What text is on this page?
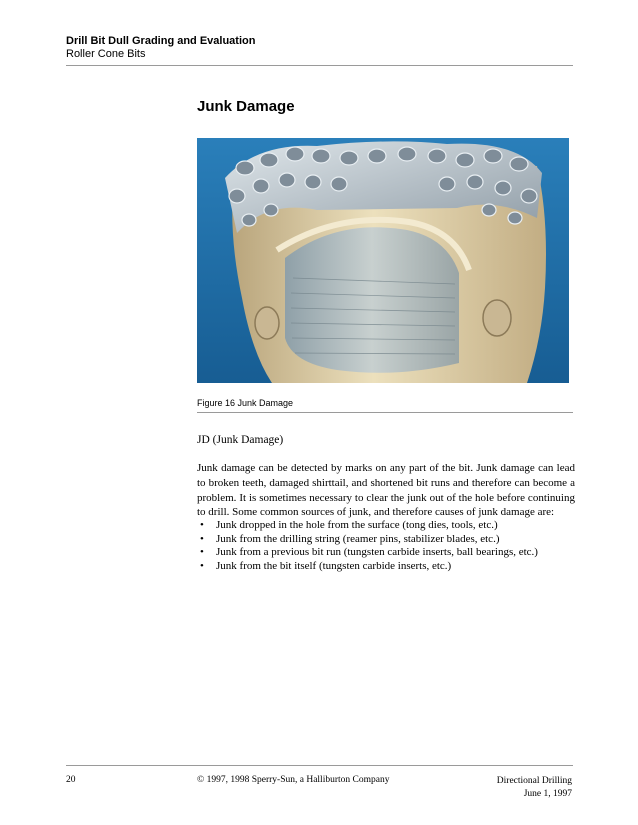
Drill Bit Dull Grading and Evaluation
Roller Cone Bits
Junk Damage
Figure 16 Junk Damage
JD (Junk Damage)

Junk damage can be detected by marks on any part of the bit. Junk damage can lead to broken teeth, damaged shirttail, and shortened bit runs and therefore can become a problem. It is sometimes necessary to clear the junk out of the hole before continuing to drill. Some common sources of junk, and therefore causes of junk damage are:

• Junk dropped in the hole from the surface (tong dies, tools, etc.)
• Junk from the drilling string (reamer pins, stabilizer blades, etc.)
• Junk from a previous bit run (tungsten carbide inserts, ball bearings, etc.)
• Junk from the bit itself (tungsten carbide inserts, etc.)
20	© 1997, 1998 Sperry-Sun, a Halliburton Company	Directional Drilling
June 1, 1997
